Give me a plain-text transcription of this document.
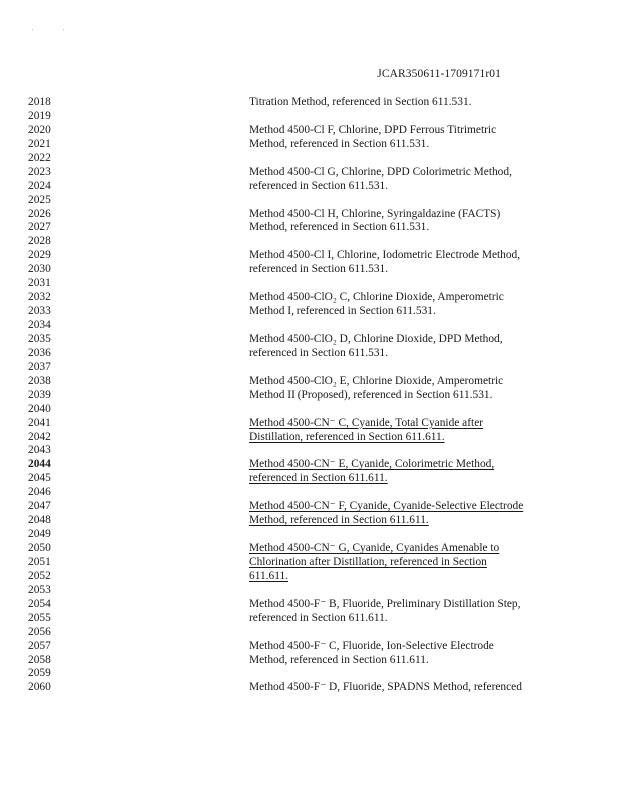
'	'
JCAR350611-1709171r01
2018	Titration Method, referenced in Section 611.531.
2019
2020	Method 4500-Cl F, Chlorine, DPD Ferrous Titrimetric
2021	Method, referenced in Section 611.531.
2022
2023	Method 4500-Cl G, Chlorine, DPD Colorimetric Method,
2024	referenced in Section 611.531.
2025
2026	Method 4500-Cl H, Chlorine, Syringaldazine (FACTS)
2027	Method, referenced in Section 611.531.
2028
2029	Method 4500-Cl I, Chlorine, Iodometric Electrode Method,
2030	referenced in Section 611.531.
2031
2032	Method 4500-ClO₂ C, Chlorine Dioxide, Amperometric
2033	Method I, referenced in Section 611.531.
2034
2035	Method 4500-ClO₂ D, Chlorine Dioxide, DPD Method,
2036	referenced in Section 611.531.
2037
2038	Method 4500-ClO₂ E, Chlorine Dioxide, Amperometric
2039	Method II (Proposed), referenced in Section 611.531.
2040
2041	Method 4500-CN⁻ C, Cyanide, Total Cyanide after
2042	Distillation, referenced in Section 611.611.
2043
2044	Method 4500-CN⁻ E, Cyanide, Colorimetric Method,
2045	referenced in Section 611.611.
2046
2047	Method 4500-CN⁻ F, Cyanide, Cyanide-Selective Electrode
2048	Method, referenced in Section 611.611.
2049
2050	Method 4500-CN⁻ G, Cyanide, Cyanides Amenable to
2051	Chlorination after Distillation, referenced in Section
2052	611.611.
2053
2054	Method 4500-F⁻ B, Fluoride, Preliminary Distillation Step,
2055	referenced in Section 611.611.
2056
2057	Method 4500-F⁻ C, Fluoride, Ion-Selective Electrode
2058	Method, referenced in Section 611.611.
2059
2060	Method 4500-F⁻ D, Fluoride, SPADNS Method, referenced
